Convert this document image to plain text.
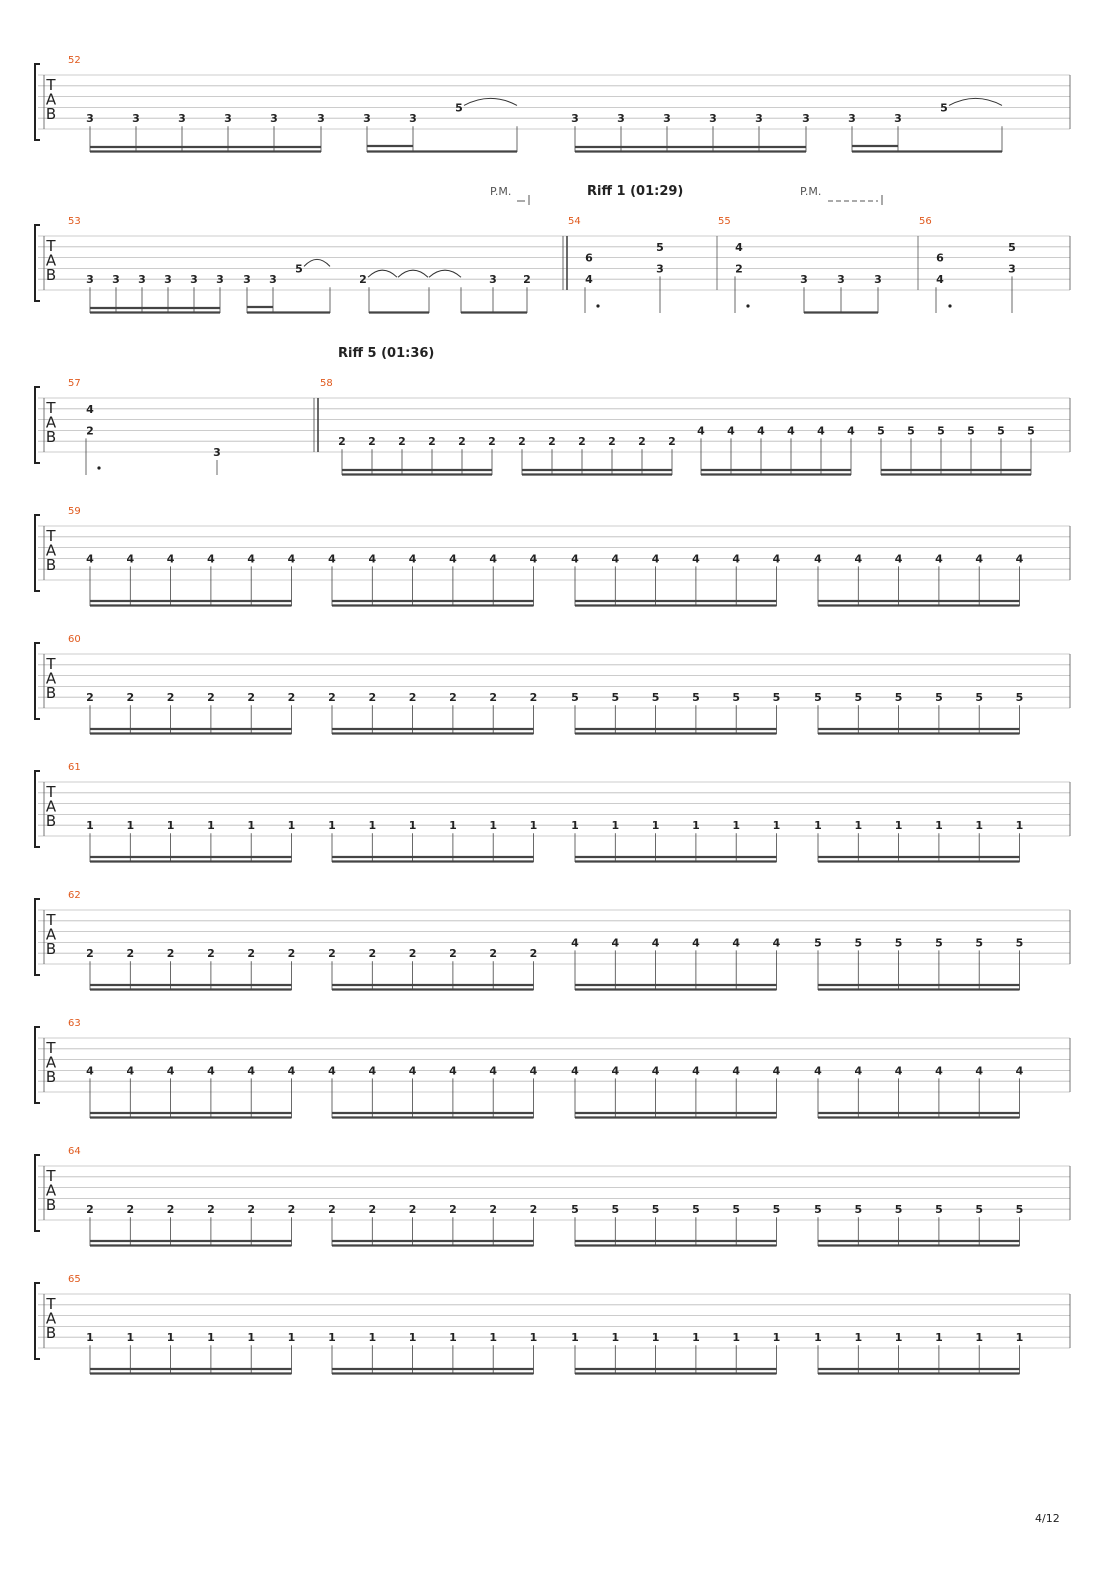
T
A
B
52
3	3	3	3	3	3	3	3
5
3	3	3	3	3	3	3	3
5
T
A
B
53
3 3 3 3 3 3 3 3
5
2	3 2
54
6
4
5
3
55
4
2
3	3	3
56
6
4
5
3
T
A
B
57
4
2
3
58
2 2 2 2 2 2 2 2 2 2 2 2
4 4 4 4 4 4 5 5 5 5 5 5
T
A
B
59
4	4	4	4	4	4	4	4	4	4	4	4	4	4	4	4	4	4	4	4	4	4	4	4
T
A
B
60
2	2	2	2	2	2	2	2	2	2	2	2	5	5	5	5	5	5	5	5	5	5	5	5
T
A
B
61
1	1	1	1	1	1	1	1	1	1	1	1	1	1	1	1	1	1	1	1	1	1	1	1
T
A
B
62
2	2	2	2	2	2	2	2	2	2	2	2
4	4	4	4	4	4	5	5	5	5	5	5
T
A
B
63
4	4	4	4	4	4	4	4	4	4	4	4	4	4	4	4	4	4	4	4	4	4	4	4
T
A
B
64
2	2	2	2	2	2	2	2	2	2	2	2	5	5	5	5	5	5	5	5	5	5	5	5
T
A
B
65
1	1	1	1	1	1	1	1	1	1	1	1	1	1	1	1	1	1	1	1	1	1	1	1
Riff 1 (01:29)
Riff 5 (01:36)
P.M.	P.M.
4/12
